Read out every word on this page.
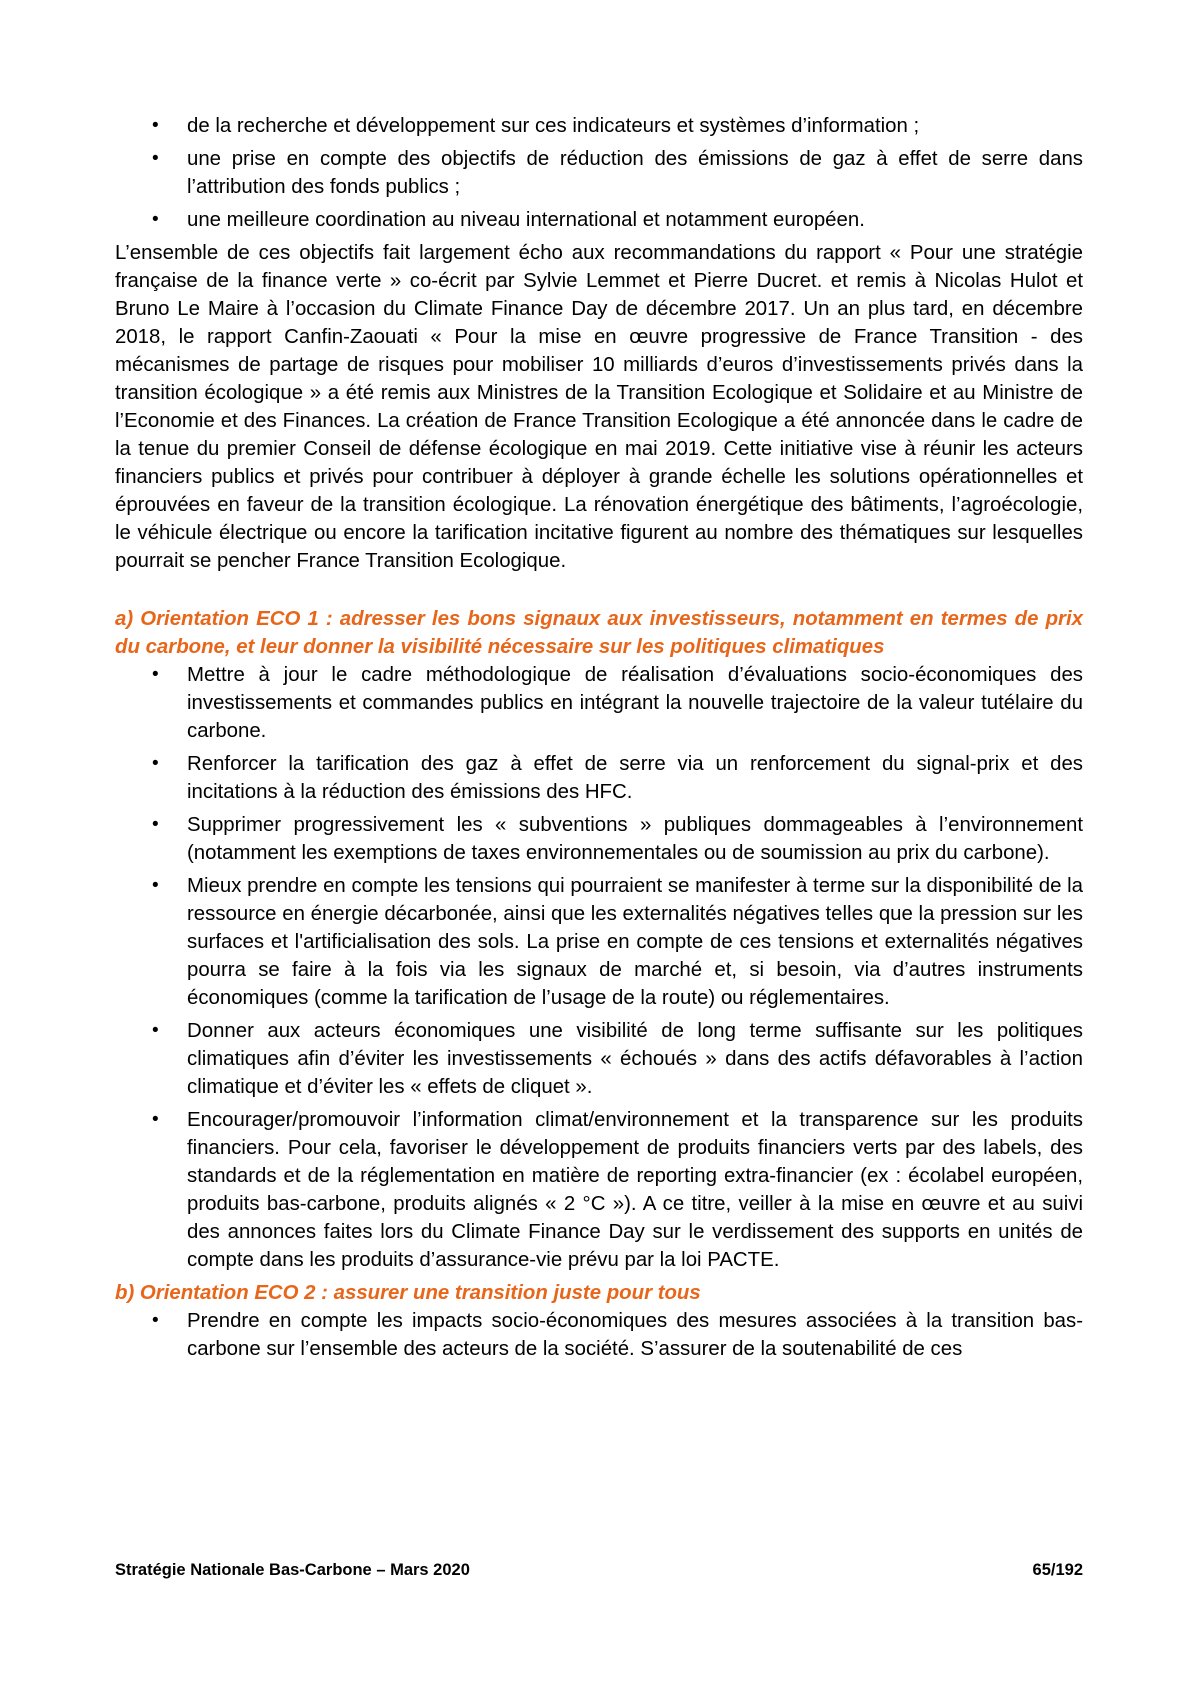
• de la recherche et développement sur ces indicateurs et systèmes d’information ;
• une prise en compte des objectifs de réduction des émissions de gaz à effet de serre dans l’attribution des fonds publics ;
• une meilleure coordination au niveau international et notamment européen.

L’ensemble de ces objectifs fait largement écho aux recommandations du rapport « Pour une stratégie française de la finance verte » co-écrit par Sylvie Lemmet et Pierre Ducret. et remis à Nicolas Hulot et Bruno Le Maire à l’occasion du Climate Finance Day de décembre 2017. Un an plus tard, en décembre 2018, le rapport Canfin-Zaouati « Pour la mise en œuvre progressive de France Transition - des mécanismes de partage de risques pour mobiliser 10 milliards d’euros d’investissements privés dans la transition écologique » a été remis aux Ministres de la Transition Ecologique et Solidaire et au Ministre de l’Economie et des Finances. La création de France Transition Ecologique a été annoncée dans le cadre de la tenue du premier Conseil de défense écologique en mai 2019. Cette initiative vise à réunir les acteurs financiers publics et privés pour contribuer à déployer à grande échelle les solutions opérationnelles et éprouvées en faveur de la transition écologique. La rénovation énergétique des bâtiments, l’agroécologie, le véhicule électrique ou encore la tarification incitative figurent au nombre des thématiques sur lesquelles pourrait se pencher France Transition Ecologique.

a) Orientation ECO 1 : adresser les bons signaux aux investisseurs, notamment en termes de prix du carbone, et leur donner la visibilité nécessaire sur les politiques climatiques
• Mettre à jour le cadre méthodologique de réalisation d’évaluations socio-économiques des investissements et commandes publics en intégrant la nouvelle trajectoire de la valeur tutélaire du carbone.
• Renforcer la tarification des gaz à effet de serre via un renforcement du signal-prix et des incitations à la réduction des émissions des HFC.
• Supprimer progressivement les « subventions » publiques dommageables à l’environnement (notamment les exemptions de taxes environnementales ou de soumission au prix du carbone).
• Mieux prendre en compte les tensions qui pourraient se manifester à terme sur la disponibilité de la ressource en énergie décarbonée, ainsi que les externalités négatives telles que la pression sur les surfaces et l'artificialisation des sols. La prise en compte de ces tensions et externalités négatives pourra se faire à la fois via les signaux de marché et, si besoin, via d’autres instruments économiques (comme la tarification de l’usage de la route) ou réglementaires.
• Donner aux acteurs économiques une visibilité de long terme suffisante sur les politiques climatiques afin d’éviter les investissements « échoués » dans des actifs défavorables à l’action climatique et d’éviter les « effets de cliquet ».
• Encourager/promouvoir l’information climat/environnement et la transparence sur les produits financiers. Pour cela, favoriser le développement de produits financiers verts par des labels, des standards et de la réglementation en matière de reporting extra-financier (ex : écolabel européen, produits bas-carbone, produits alignés « 2 °C »). A ce titre, veiller à la mise en œuvre et au suivi des annonces faites lors du Climate Finance Day sur le verdissement des supports en unités de compte dans les produits d’assurance-vie prévu par la loi PACTE.
b) Orientation ECO 2 : assurer une transition juste pour tous
• Prendre en compte les impacts socio-économiques des mesures associées à la transition bas-carbone sur l’ensemble des acteurs de la société. S’assurer de la soutenabilité de ces
Stratégie Nationale Bas-Carbone – Mars 2020	65/192
